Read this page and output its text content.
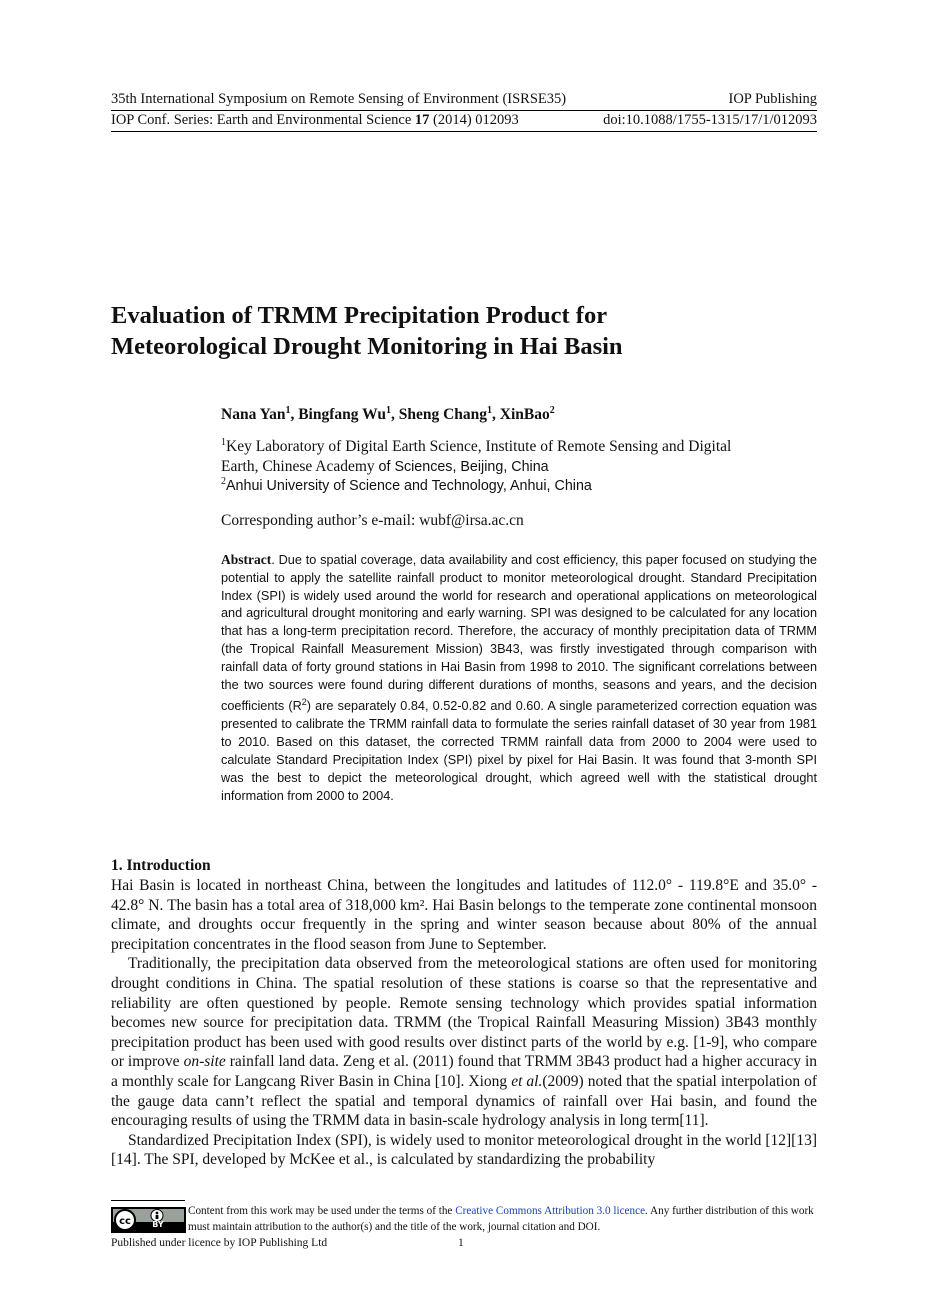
35th International Symposium on Remote Sensing of Environment (ISRSE35)	IOP Publishing
IOP Conf. Series: Earth and Environmental Science 17 (2014) 012093	doi:10.1088/1755-1315/17/1/012093
Evaluation of TRMM Precipitation Product for
Meteorological Drought Monitoring in Hai Basin
Nana Yan$^1$, Bingfang Wu$^1$, Sheng Chang$^1$, XinBao$^2$
$^1$Key Laboratory of Digital Earth Science, Institute of Remote Sensing and Digital
Earth, Chinese Academy of Sciences, Beijing, China
$^2$Anhui University of Science and Technology, Anhui, China
Corresponding author’s e-mail: wubf@irsa.ac.cn
Abstract. Due to spatial coverage, data availability and cost efficiency, this paper focused on studying the potential to apply the satellite rainfall product to monitor meteorological drought. Standard Precipitation Index (SPI) is widely used around the world for research and operational applications on meteorological and agricultural drought monitoring and early warning. SPI was designed to be calculated for any location that has a long-term precipitation record. Therefore, the accuracy of monthly precipitation data of TRMM (the Tropical Rainfall Measurement Mission) 3B43, was firstly investigated through comparison with rainfall data of forty ground stations in Hai Basin from 1998 to 2010. The significant correlations between the two sources were found during different durations of months, seasons and years, and the decision coefficients $(R^2)$ are separately 0.84, 0.52-0.82 and 0.60. A single parameterized correction equation was presented to calibrate the TRMM rainfall data to formulate the series rainfall dataset of 30 year from 1981 to 2010. Based on this dataset, the corrected TRMM rainfall data from 2000 to 2004 were used to calculate Standard Precipitation Index (SPI) pixel by pixel for Hai Basin. It was found that 3-month SPI was the best to depict the meteorological drought, which agreed well with the statistical drought information from 2000 to 2004.
1. Introduction

Hai Basin is located in northeast China, between the longitudes and latitudes of 112.0° - 119.8°E and 35.0° - 42.8° N. The basin has a total area of 318,000 km². Hai Basin belongs to the temperate zone continental monsoon climate, and droughts occur frequently in the spring and winter season because about 80% of the annual precipitation concentrates in the flood season from June to September.

Traditionally, the precipitation data observed from the meteorological stations are often used for monitoring drought conditions in China. The spatial resolution of these stations is coarse so that the representative and reliability are often questioned by people. Remote sensing technology which provides spatial information becomes new source for precipitation data. TRMM (the Tropical Rainfall Measuring Mission) 3B43 monthly precipitation product has been used with good results over distinct parts of the world by e.g. [1-9], who compare or improve on-site rainfall land data. Zeng et al. (2011) found that TRMM 3B43 product had a higher accuracy in a monthly scale for Langcang River Basin in China [10]. Xiong et al.(2009) noted that the spatial interpolation of the gauge data cann’t reflect the spatial and temporal dynamics of rainfall over Hai basin, and found the encouraging results of using the TRMM data in basin-scale hydrology analysis in long term[11].

Standardized Precipitation Index (SPI), is widely used to monitor meteorological drought in the world [12][13][14]. The SPI, developed by McKee et al., is calculated by standardizing the probability

cc	BY
Content from this work may be used under the terms of the Creative Commons Attribution 3.0 licence. Any further distribution of this work must maintain attribution to the author(s) and the title of the work, journal citation and DOI.
Published under licence by IOP Publishing Ltd	1
